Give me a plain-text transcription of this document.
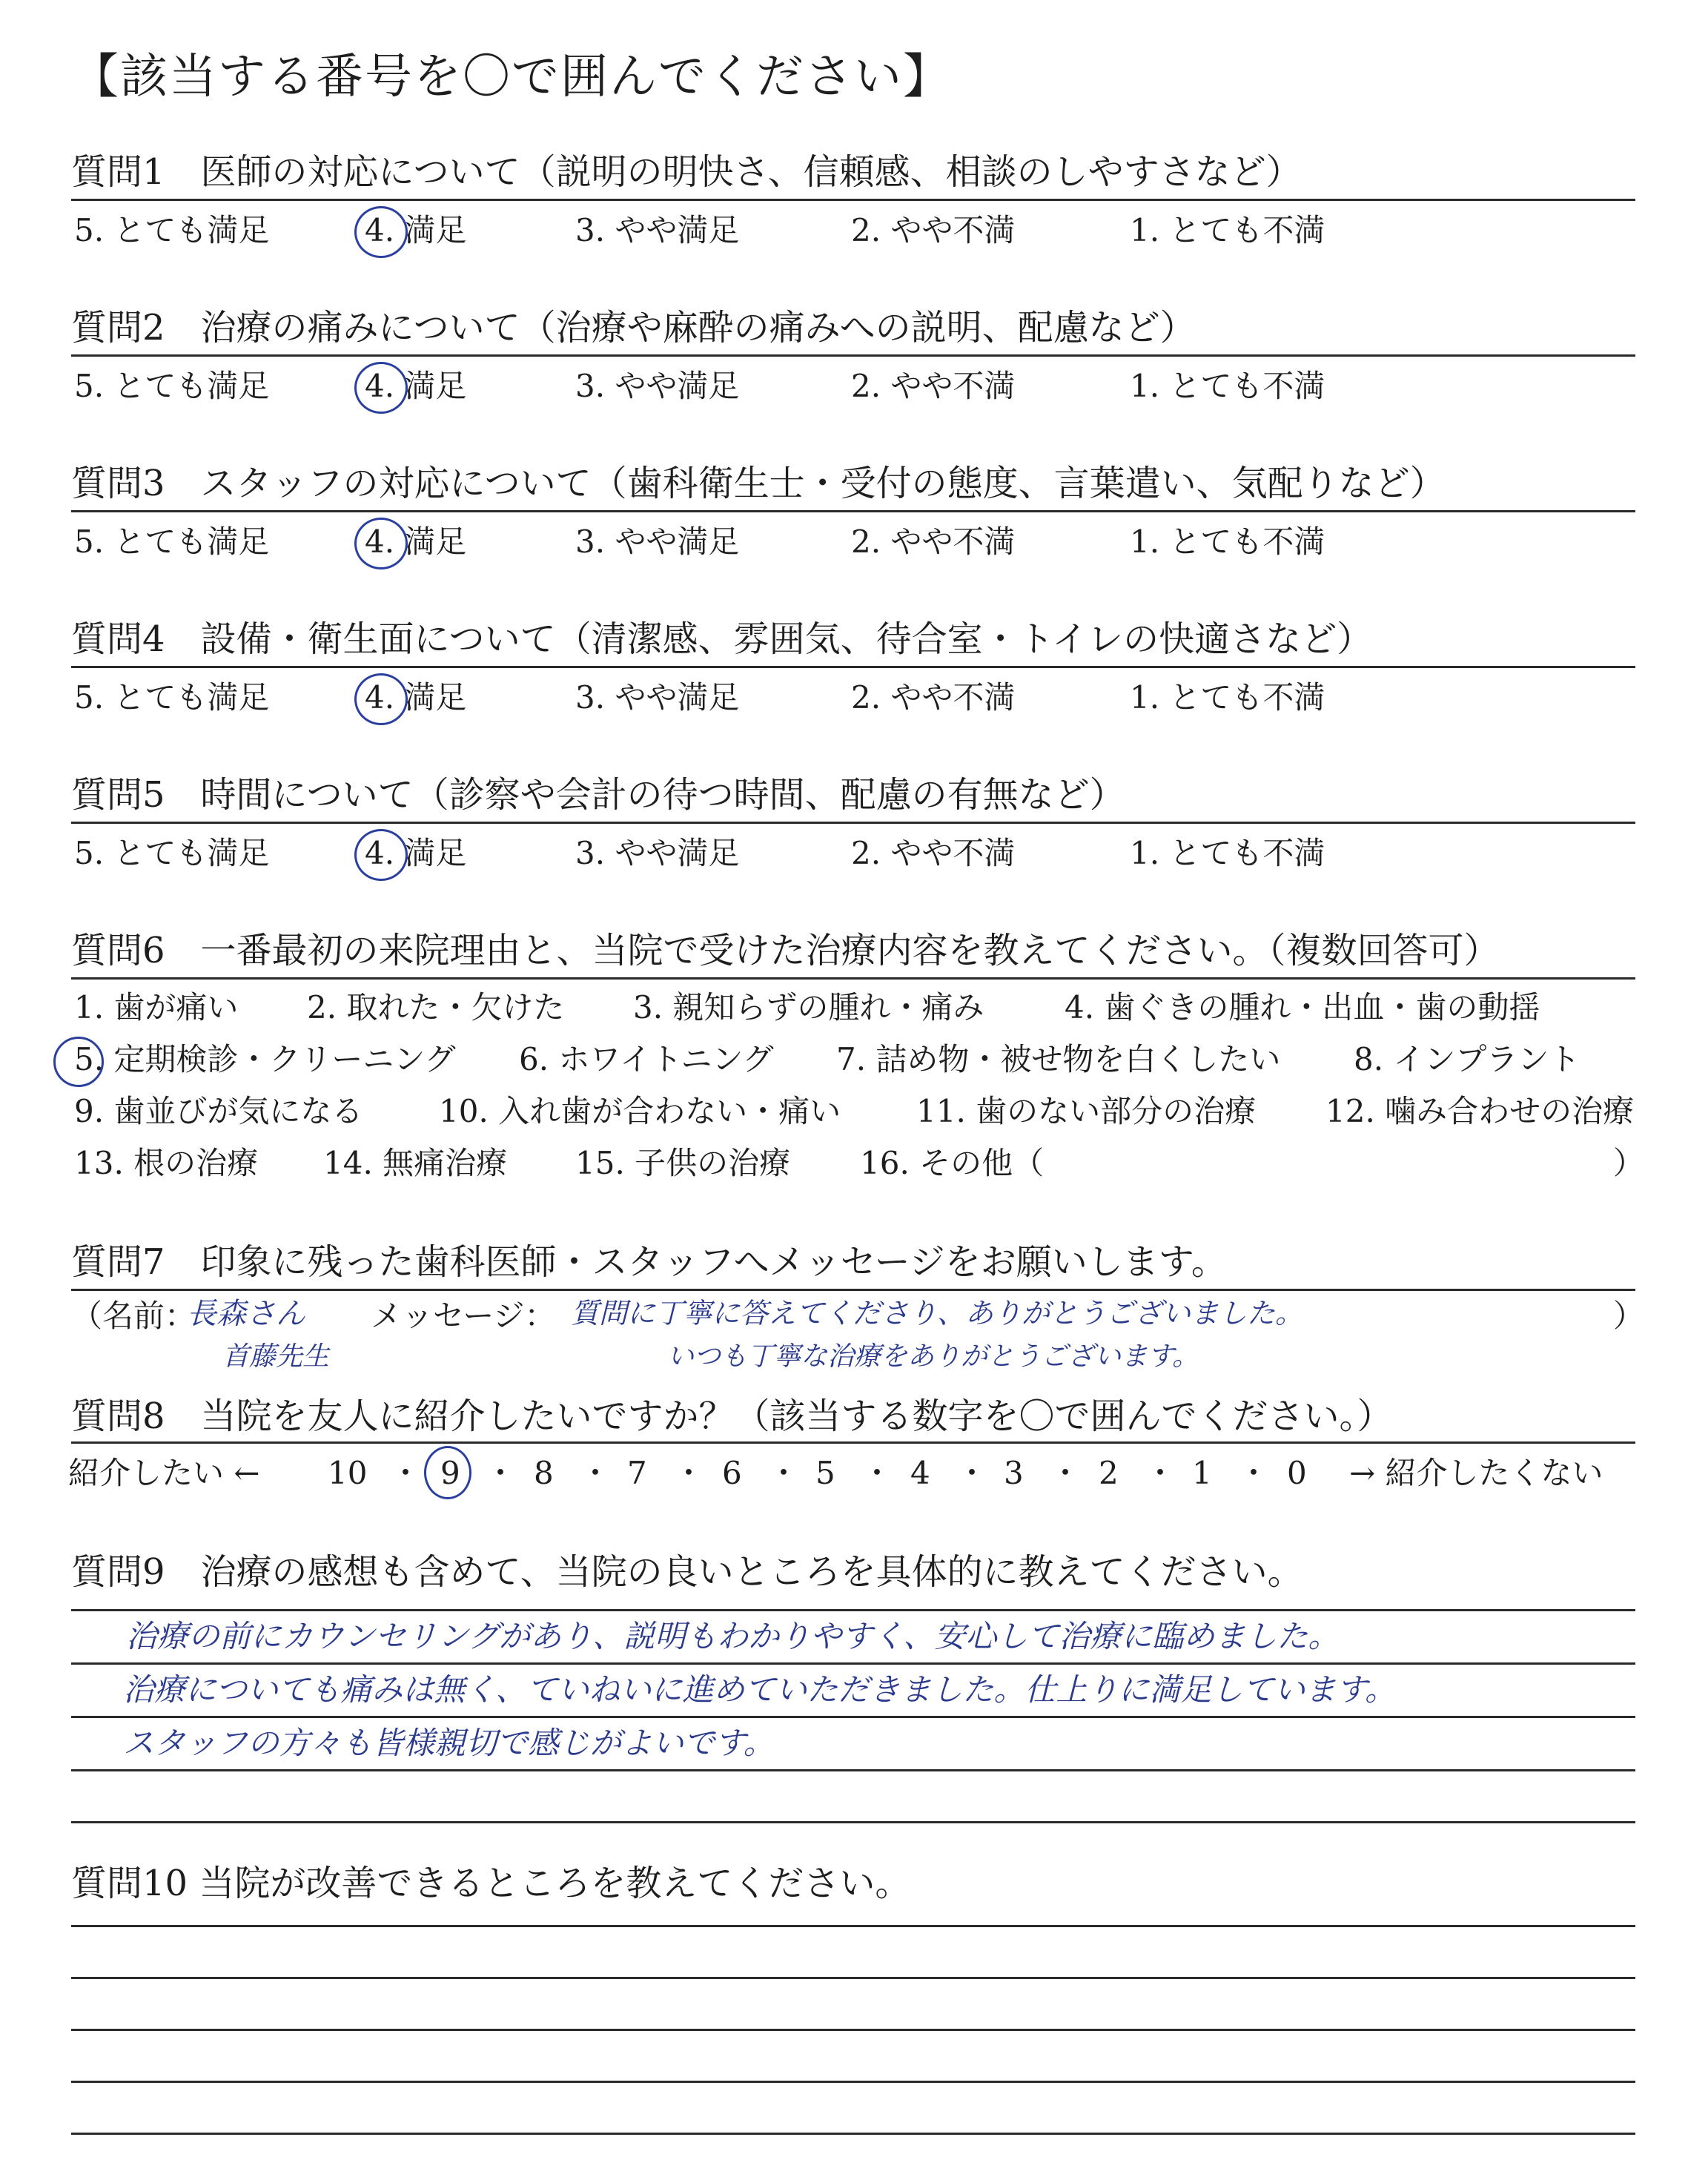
【該当する番号を〇で囲んでください】
質問1　医師の対応について（説明の明快さ、信頼感、相談のしやすさなど）
5. とても満足	4. 満足	3. やや満足	2. やや不満	1. とても不満
質問2　治療の痛みについて（治療や麻酔の痛みへの説明、配慮など）
5. とても満足	4. 満足	3. やや満足	2. やや不満	1. とても不満
質問3　スタッフの対応について（歯科衛生士・受付の態度、言葉遣い、気配りなど）
5. とても満足	4. 満足	3. やや満足	2. やや不満	1. とても不満
質問4　設備・衛生面について（清潔感、雰囲気、待合室・トイレの快適さなど）
5. とても満足	4. 満足	3. やや満足	2. やや不満	1. とても不満
質問5　時間について（診察や会計の待つ時間、配慮の有無など）
5. とても満足	4. 満足	3. やや満足	2. やや不満	1. とても不満
質問6　一番最初の来院理由と、当院で受けた治療内容を教えてください。（複数回答可）
1. 歯が痛い 2. 取れた・欠けた 3. 親知らずの腫れ・痛み	4. 歯ぐきの腫れ・出血・歯の動揺
5. 定期検診・クリーニング 6. ホワイトニング 7. 詰め物・被せ物を白くしたい 8. インプラント
9. 歯並びが気になる 10. 入れ歯が合わない・痛い 11. 歯のない部分の治療 12. 噛み合わせの治療
13. 根の治療 14. 無痛治療 15. 子供の治療 16. その他（	）
質問7　印象に残った歯科医師・スタッフへメッセージをお願いします。
（名前：	メッセージ：	）
長森さん
首藤先生
質問に丁寧に答えてくださり、ありがとうございました。
いつも丁寧な治療をありがとうございます。
質問8　当院を友人に紹介したいですか？（該当する数字を〇で囲んでください。）
紹介したい ←	→ 紹介したくない
10 ・ 9 ・ 8 ・ 7 ・ 6 ・ 5 ・ 4 ・ 3 ・ 2 ・ 1 ・ 0
質問9　治療の感想も含めて、当院の良いところを具体的に教えてください。
治療の前にカウンセリングがあり、説明もわかりやすく、安心して治療に臨めました。
治療についても痛みは無く、ていねいに進めていただきました。仕上りに満足しています。
スタッフの方々も皆様親切で感じがよいです。
質問10 当院が改善できるところを教えてください。
